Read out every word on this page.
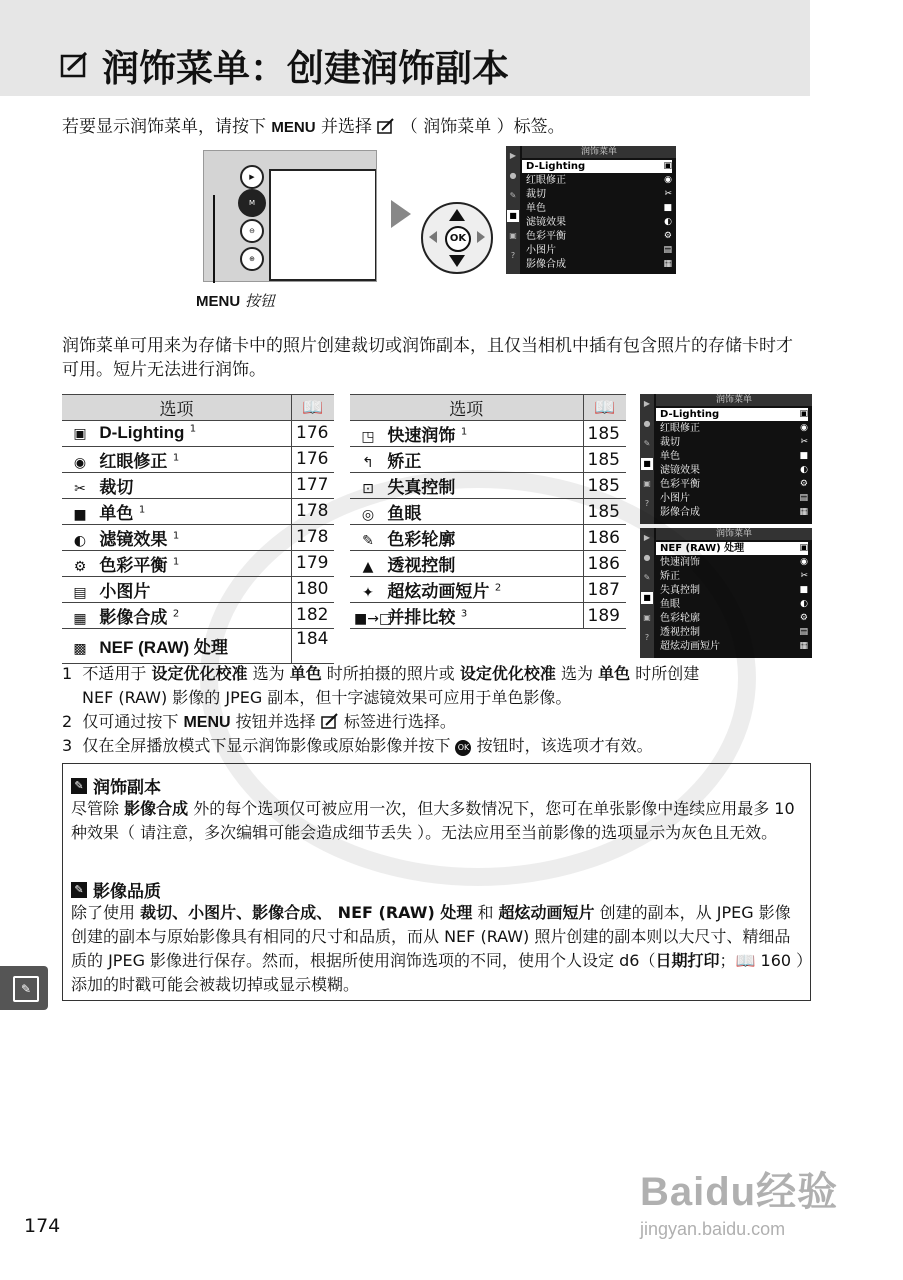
润饰菜单：创建润饰副本
若要显示润饰菜单，请按下 MENU 并选择 （ 润饰菜单 ）标签。
▶
M
⊖
⊕
MENU 按钮
OK
▶
●
✎
■
▣
?
润饰菜单
D-Lighting	▣
红眼修正	◉
裁切	✂
单色	■
滤镜效果	◐
色彩平衡	⚙
小图片	▤
影像合成	▦
▶
●
✎
■
▣
?
润饰菜单
D-Lighting	▣
红眼修正	◉
裁切	✂
单色	■
滤镜效果	◐
色彩平衡	⚙
小图片	▤
影像合成	▦
▶
●
✎
■
▣
?
润饰菜单
NEF (RAW) 处理	▣
快速润饰	◉
矫正	✂
失真控制	■
鱼眼	◐
色彩轮廓	⚙
透视控制	▤
超炫动画短片	▦
润饰菜单可用来为存储卡中的照片创建裁切或润饰副本，且仅当相机中插有包含照片的存储卡时才可用。短片无法进行润饰。
选项	📖
▣ D-Lighting $^1$	176
◉ 红眼修正 $^1$	176
✂ 裁切	177
■ 单色 $^1$	178
◐ 滤镜效果 $^1$	178
⚙ 色彩平衡 $^1$	179
▤ 小图片	180
▦ 影像合成 $^2$	182
▩ NEF (RAW) 处理	184
选项	📖
◳ 快速润饰 $^1$	185
↰ 矫正	185
⊡ 失真控制	185
◎ 鱼眼	185
✎ 色彩轮廓	186
▲ 透视控制	186
✦ 超炫动画短片 $^2$	187
■→□ 并排比较 $^3$	189
1 不适用于 设定优化校准 选为 单色 时所拍摄的照片或 设定优化校准 选为 单色 时所创建
NEF (RAW) 影像的 JPEG 副本，但十字滤镜效果可应用于单色影像。
2 仅可通过按下 MENU 按钮并选择 标签进行选择。
3 仅在全屏播放模式下显示润饰影像或原始影像并按下 OK 按钮时，该选项才有效。
✎ 润饰副本
尽管除 影像合成 外的每个选项仅可被应用一次，但大多数情况下，您可在单张影像中连续应用最多 10 种效果（ 请注意，多次编辑可能会造成细节丢失 ）。无法应用至当前影像的选项显示为灰色且无效。
✎ 影像品质
除了使用 裁切、小图片、影像合成、 NEF (RAW) 处理 和 超炫动画短片 创建的副本，从 JPEG 影像创建的副本与原始影像具有相同的尺寸和品质，而从 NEF (RAW) 照片创建的副本则以大尺寸、精细品质的 JPEG 影像进行保存。然而，根据所使用润饰选项的不同，使用个人设定 d6（日期打印；📖 160 ）添加的时戳可能会被裁切掉或显示模糊。
✎
174
Baidu经验
jingyan.baidu.com
